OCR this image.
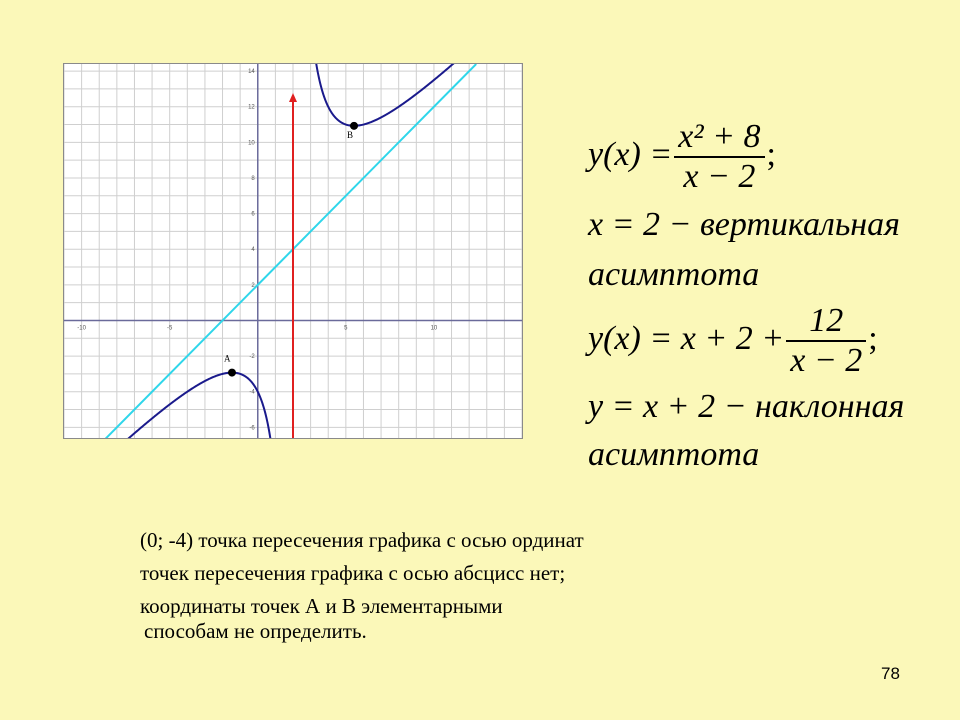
-10	-5	5	10
14
12
10
8
6
4
2
-2
-4
-6
A
B
$y(x) = \frac{\text{x² + 8}}{x - 2}$ ;
x = 2 − вертикальная
асимптота
$y(x) = x + 2 + \frac{12}{x - 2}$ ;
y = x + 2 − наклонная
асимптота
(0; -4) точка пересечения графика с осью ординат
точек пересечения графика с осью абсцисс нет;
координаты точек А и В элементарными
способам не определить.
78
